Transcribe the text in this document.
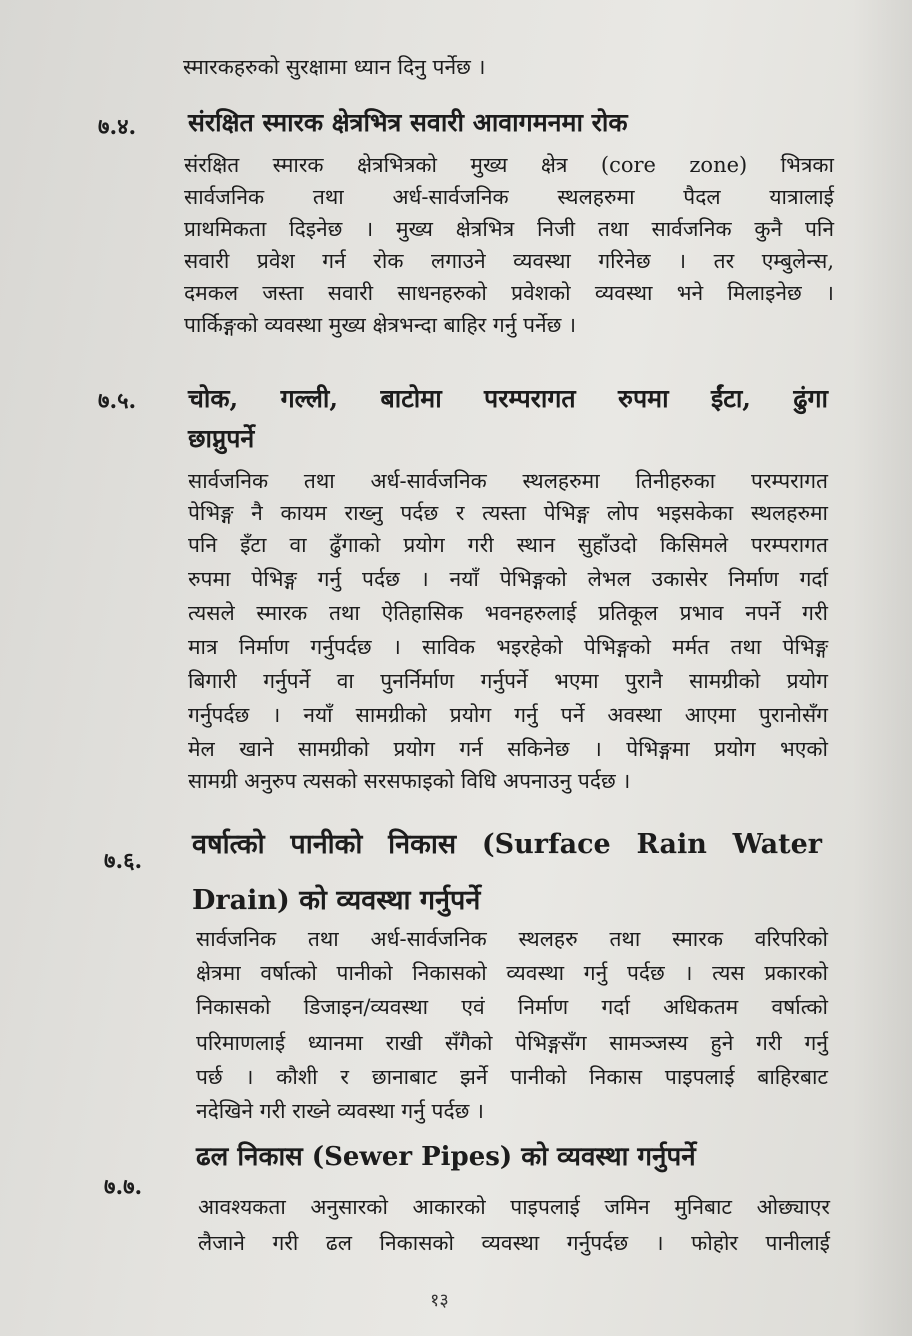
स्मारकहरुको सुरक्षामा ध्यान दिनु पर्नेछ ।
७.४. संरक्षित स्मारक क्षेत्रभित्र सवारी आवागमनमा रोक
संरक्षित स्मारक क्षेत्रभित्रको मुख्य क्षेत्र (core zone) भित्रका
सार्वजनिक तथा अर्ध-सार्वजनिक स्थलहरुमा पैदल यात्रालाई
प्राथमिकता दिइनेछ । मुख्य क्षेत्रभित्र निजी तथा सार्वजनिक कुनै पनि
सवारी प्रवेश गर्न रोक लगाउने व्यवस्था गरिनेछ । तर एम्बुलेन्स,
दमकल जस्ता सवारी साधनहरुको प्रवेशको व्यवस्था भने मिलाइनेछ ।
पार्किङ्गको व्यवस्था मुख्य क्षेत्रभन्दा बाहिर गर्नु पर्नेछ ।
७.५. चोक, गल्ली, बाटोमा परम्परागत रुपमा ईंटा, ढुंगा
छाप्नुपर्ने
सार्वजनिक तथा अर्ध-सार्वजनिक स्थलहरुमा तिनीहरुका परम्परागत
पेभिङ्ग नै कायम राख्नु पर्दछ र त्यस्ता पेभिङ्ग लोप भइसकेका स्थलहरुमा
पनि इँटा वा ढुँगाको प्रयोग गरी स्थान सुहाँउदो किसिमले परम्परागत
रुपमा पेभिङ्ग गर्नु पर्दछ । नयाँ पेभिङ्गको लेभल उकासेर निर्माण गर्दा
त्यसले स्मारक तथा ऐतिहासिक भवनहरुलाई प्रतिकूल प्रभाव नपर्ने गरी
मात्र निर्माण गर्नुपर्दछ । साविक भइरहेको पेभिङ्गको मर्मत तथा पेभिङ्ग
बिगारी गर्नुपर्ने वा पुनर्निर्माण गर्नुपर्ने भएमा पुरानै सामग्रीको प्रयोग
गर्नुपर्दछ । नयाँ सामग्रीको प्रयोग गर्नु पर्ने अवस्था आएमा पुरानोसँग
मेल खाने सामग्रीको प्रयोग गर्न सकिनेछ । पेभिङ्गमा प्रयोग भएको
सामग्री अनुरुप त्यसको सरसफाइको विधि अपनाउनु पर्दछ ।
७.६.
वर्षात्को पानीको निकास (Surface Rain Water
Drain) को व्यवस्था गर्नुपर्ने
सार्वजनिक तथा अर्ध-सार्वजनिक स्थलहरु तथा स्मारक वरिपरिको
क्षेत्रमा वर्षात्को पानीको निकासको व्यवस्था गर्नु पर्दछ । त्यस प्रकारको
निकासको डिजाइन/व्यवस्था एवं निर्माण गर्दा अधिकतम वर्षात्को
परिमाणलाई ध्यानमा राखी सँगैको पेभिङ्गसँग सामञ्जस्य हुने गरी गर्नु
पर्छ । कौशी र छानाबाट झर्ने पानीको निकास पाइपलाई बाहिरबाट
नदेखिने गरी राख्ने व्यवस्था गर्नु पर्दछ ।
७.७.
ढल निकास (Sewer Pipes) को व्यवस्था गर्नुपर्ने
आवश्यकता अनुसारको आकारको पाइपलाई जमिन मुनिबाट ओछ्याएर
लैजाने गरी ढल निकासको व्यवस्था गर्नुपर्दछ । फोहोर पानीलाई
१३
